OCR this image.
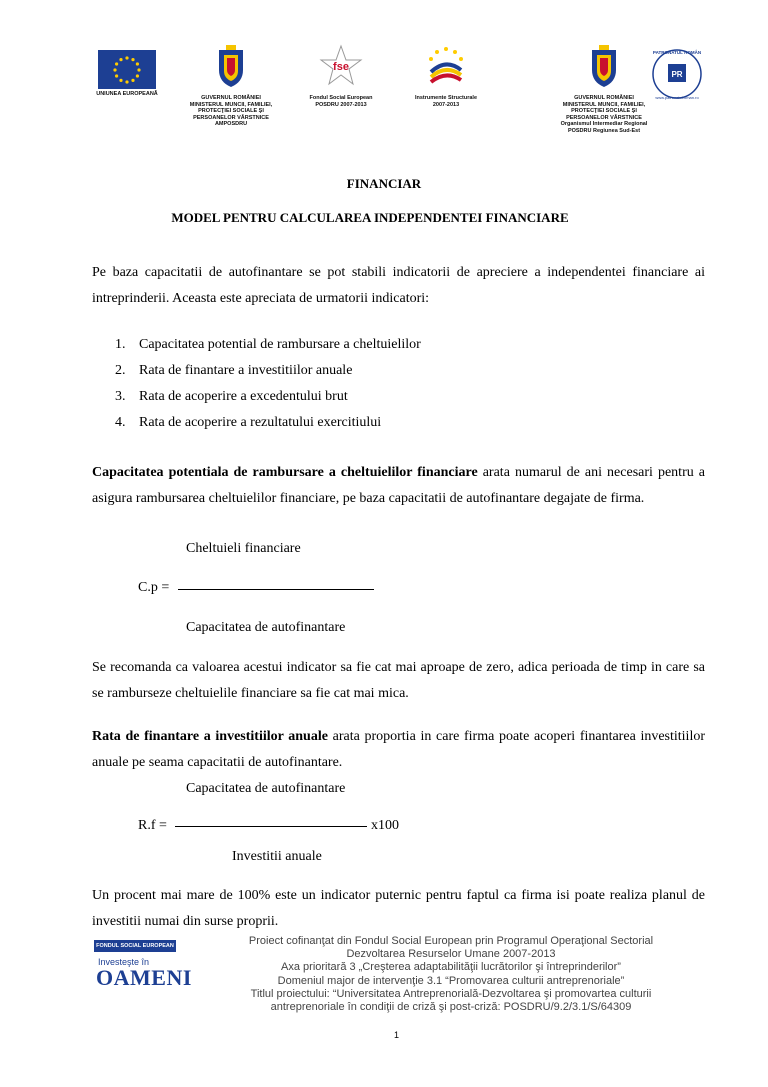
UNIUNEA EUROPEANĂ
GUVERNUL ROMÂNIEI MINISTERUL MUNCII, FAMILIEI, PROTECŢIEI SOCIALE ŞI PERSOANELOR VÂRSTNICE AMPOSDRU
fse
Fondul Social European POSDRU 2007-2013
Instrumente Structurale 2007-2013
GUVERNUL ROMÂNIEI MINISTERUL MUNCII, FAMILIEI, PROTECŢIEI SOCIALE ŞI PERSOANELOR VÂRSTNICE Organismul Intermediar Regional POSDRU Regiunea Sud-Est
PR
PATRONATUL ROMÂN
www.patronatulroman.ro
FINANCIAR
MODEL PENTRU CALCULAREA INDEPENDENTEI FINANCIARE
Pe baza capacitatii de autofinantare se pot stabili indicatorii de apreciere a independentei financiare ai intreprinderii. Aceasta este apreciata de urmatorii indicatori:
1. Capacitatea potential de rambursare a cheltuielilor
2. Rata de finantare a investitiilor anuale
3. Rata de acoperire a excedentului brut
4. Rata de acoperire a rezultatului exercitiului
Capacitatea potentiala de rambursare a cheltuielilor financiare arata numarul de ani necesari pentru a asigura rambursarea cheltuielilor financiare, pe baza capacitatii de autofinantare degajate de firma.
Cheltuieli financiare
C.p =
Capacitatea de autofinantare
Se recomanda ca valoarea acestui indicator sa fie cat mai aproape de zero, adica perioada de timp in care sa se ramburseze cheltuielile financiare sa fie cat mai mica.
Rata de finantare a investitiilor anuale arata proportia in care firma poate acoperi finantarea investitiilor anuale pe seama capacitatii de autofinantare.
Capacitatea de autofinantare
R.f =	x100
Investitii anuale
Un procent mai mare de 100% este un indicator puternic pentru faptul ca firma isi poate realiza planul de investitii numai din surse proprii.
FONDUL SOCIAL EUROPEAN
Investeşte în
OAMENI
Proiect cofinanţat din Fondul Social European prin Programul Operaţional Sectorial
Dezvoltarea Resurselor Umane 2007-2013
Axa prioritară 3 „Creşterea adaptabilităţii lucrătorilor şi întreprinderilor”
Domeniul major de intervenţie 3.1 “Promovarea culturii antreprenoriale”
Titlul proiectului: “Universitatea Antreprenorială-Dezvoltarea şi promovartea culturii
antreprenoriale în condiţii de criză şi post-criză: POSDRU/9.2/3.1/S/64309
1
